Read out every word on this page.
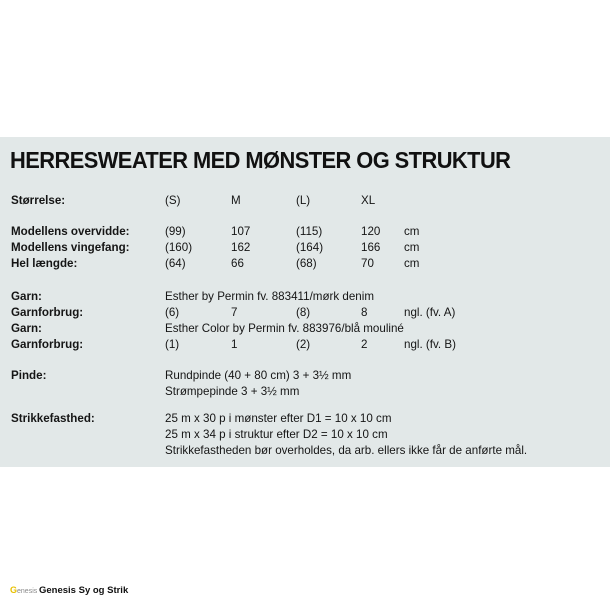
HERRESWEATER MED MØNSTER OG STRUKTUR
Størrelse:	(S)	M	(L)	XL
Modellens overvidde:	(99)	107	(115)	120 cm
Modellens vingefang:	(160)	162	(164)	166 cm
Hel længde:	(64)	66	(68)	70	cm
Garn:	Esther by Permin fv. 883411/mørk denim
Garnforbrug:	(6)	7	(8)	8	ngl. (fv. A)
Garn:	Esther Color by Permin fv. 883976/blå mouliné
Garnforbrug:	(1)	1	(2)	2	ngl. (fv. B)
Pinde:	Rundpinde (40 + 80 cm) 3 + 3½ mm
Strømpepinde 3 + 3½ mm
Strikkefasthed:	25 m x 30 p i mønster efter D1 = 10 x 10 cm
25 m x 34 p i struktur efter D2 = 10 x 10 cm
Strikkefastheden bør overholdes, da arb. ellers ikke får de anførte mål.
Genesis Genesis Sy og Strik
